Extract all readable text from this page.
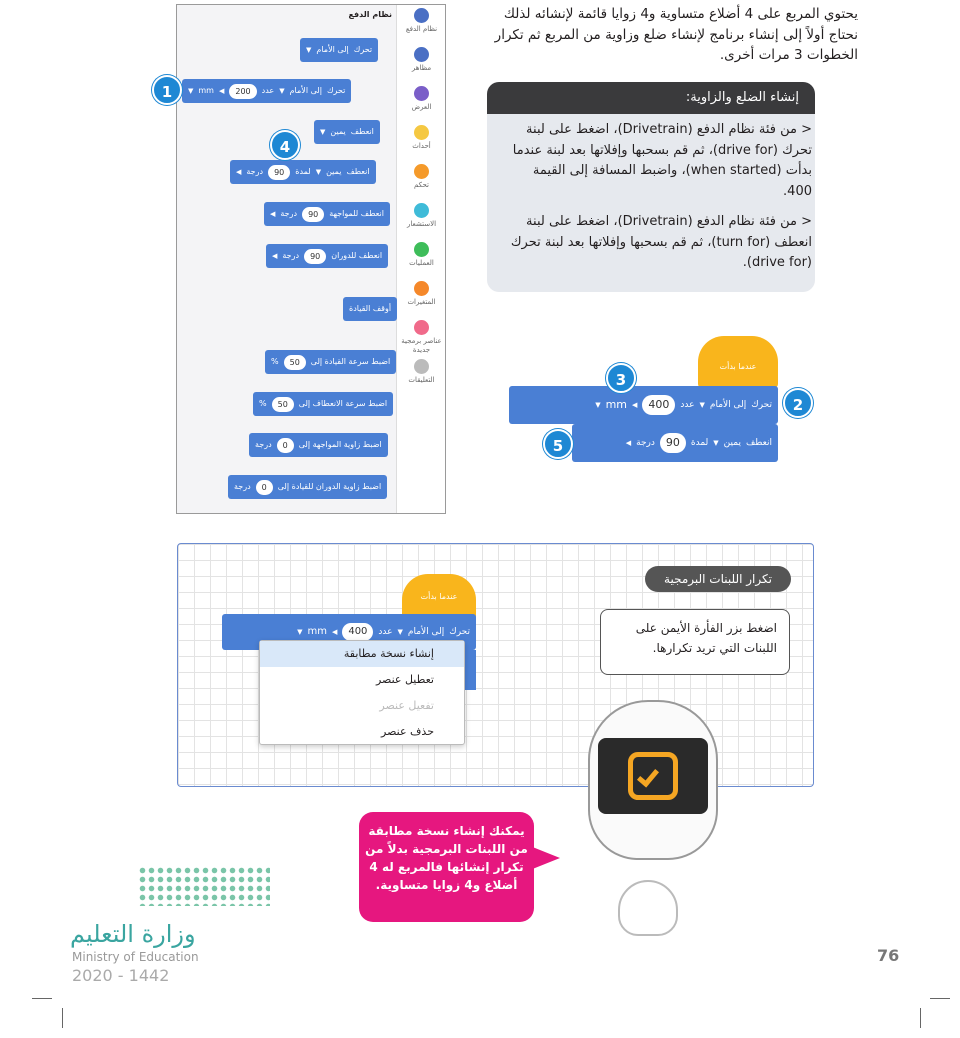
يحتوي المربع على 4 أضلاع متساوية و4 زوايا قائمة لإنشائه لذلك نحتاج أولاً إلى إنشاء برنامج لإنشاء ضلع وزاوية من المربع ثم تكرار الخطوات 3 مرات أخرى.
إنشاء الضلع والزاوية:
< من فئة نظام الدفع (Drivetrain)، اضغط على لبنة تحرك (drive for)، ثم قم بسحبها وإفلاتها بعد لبنة عندما بدأت (when started)، واضبط المسافة إلى القيمة 400.
< من فئة نظام الدفع (Drivetrain)، اضغط على لبنة انعطف (turn for)، ثم قم بسحبها وإفلاتها بعد لبنة تحرك (drive for).
نظام الدفع
نظام الدفع
مظاهر
العرض
أحداث
تحكم
الاستشعار
العمليات
المتغيرات
عناصر برمجية جديدة
التعليقات
تحرك
إلى الأمام
▼
تحرك
إلى الأمام
▼
عدد
200
◀
mm
▼
انعطف
يمين
▼
انعطف
يمين
▼
لمدة
90
درجة
◀
انعطف للمواجهة
90
درجة
◀
انعطف للدوران
90
درجة
◀
أوقف القيادة
اضبط سرعة القيادة إلى
50
%
اضبط سرعة الانعطاف إلى
50
%
اضبط زاوية المواجهة إلى
0
درجة
اضبط زاوية الدوران للقيادة إلى
0
درجة
1
4
عندما بدأت
تحرك
إلى الأمام
▼
عدد
400
◀
mm
▼
انعطف
يمين
▼
لمدة
90
درجة
◀
2
3
5
تكرار اللبنات البرمجية
اضغط بزر الفأرة الأيمن على اللبنات التي تريد تكرارها.
عندما بدأت
تحرك
إلى الأمام
▼
عدد
400
◀
mm
▼
إنشاء نسخة مطابقة
تعطيل عنصر
تفعيل عنصر
حذف عنصر
يمكنك إنشاء نسخة مطابقة من اللبنات البرمجية بدلاً من تكرار إنشائها فالمربع له 4 أضلاع و4 زوايا متساوية.
وزارة التعليم
Ministry of Education
2020 - 1442
76
